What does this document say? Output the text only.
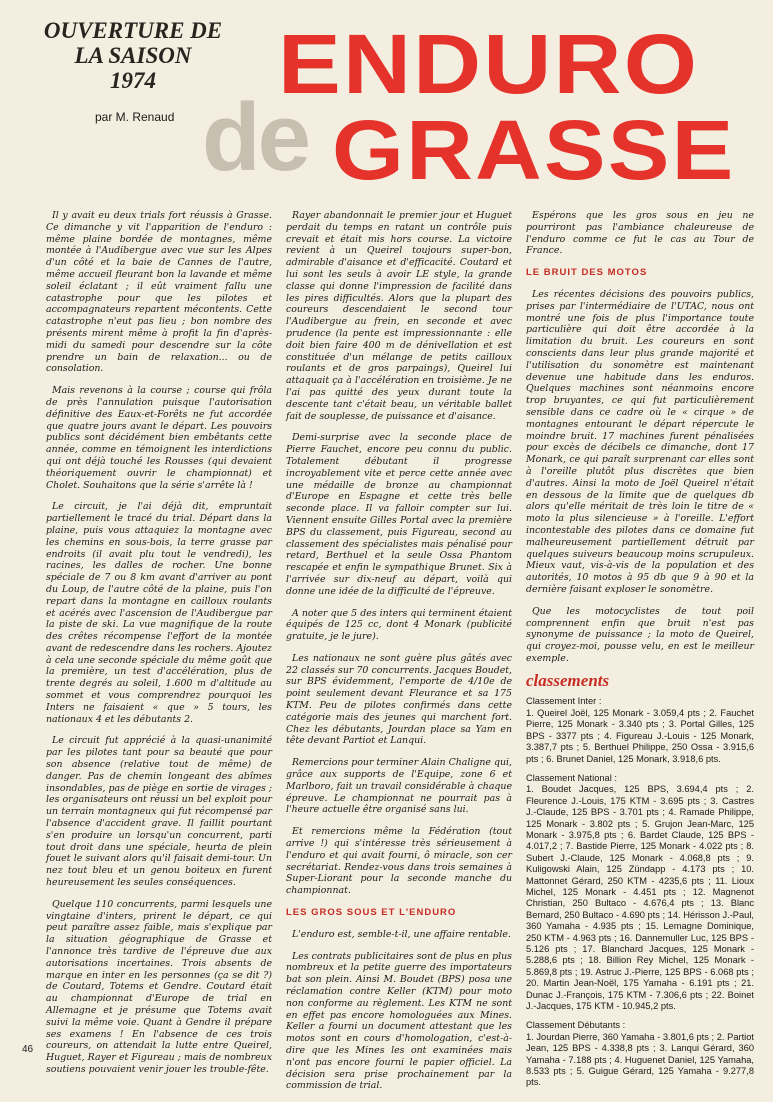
OUVERTURE DE

LA SAISON

1974

par M. Renaud de
ENDURO
GRASSE

Il y avait eu deux trials fort réussis à Grasse. Ce dimanche y vit l'apparition de l'enduro : même plaine bordée de montagnes, même montée à l'Audibergue avec vue sur les Alpes d'un côté et la baie de Cannes de l'autre, même accueil fleurant bon la lavande et même soleil éclatant ; il eût vraiment fallu une catastrophe pour que les pilotes et accompagnateurs repartent mécontents. Cette catastrophe n'eut pas lieu ; bon nombre des présents mirent même à profit la fin d'après-midi du samedi pour descendre sur la côte prendre un bain de relaxation... ou de consolation.

Mais revenons à la course ; course qui frôla de près l'annulation puisque l'autorisation définitive des Eaux-et-Forêts ne fut accordée que quatre jours avant le départ. Les pouvoirs publics sont décidément bien embêtants cette année, comme en témoignent les interdictions qui ont déjà touché les Rousses (qui devaient théoriquement ouvrir le championnat) et Cholet. Souhaitons que la série s'arrête là !

Le circuit, je l'ai déjà dit, empruntait partiellement le tracé du trial. Départ dans la plaine, puis vous attaquiez la montagne avec les chemins en sous-bois, la terre grasse par endroits (il avait plu tout le vendredi), les racines, les dalles de rocher. Une bonne spéciale de 7 ou 8 km avant d'arriver au pont du Loup, de l'autre côté de la plaine, puis l'on repart dans la montagne en cailloux roulants et acérés avec l'ascension de l'Audibergue par la piste de ski. La vue magnifique de la route des crêtes récompense l'effort de la montée avant de redescendre dans les rochers. Ajoutez à cela une seconde spéciale du même goût que la première, un test d'accélération, plus de trente degrés au soleil, 1.600 m d'altitude au sommet et vous comprendrez pourquoi les Inters ne faisaient « que » 5 tours, les nationaux 4 et les débutants 2.

Le circuit fut apprécié à la quasi-unanimité par les pilotes tant pour sa beauté que pour son absence (relative tout de même) de danger. Pas de chemin longeant des abîmes insondables, pas de piège en sortie de virages ; les organisateurs ont réussi un bel exploit pour un terrain montagneux qui fut récompensé par l'absence d'accident grave. Il faillit pourtant s'en produire un lorsqu'un concurrent, parti tout droit dans une spéciale, heurta de plein fouet le suivant alors qu'il faisait demi-tour. Un nez tout bleu et un genou boiteux en furent heureusement les seules conséquences.

Quelque 110 concurrents, parmi lesquels une vingtaine d'inters, prirent le départ, ce qui peut paraître assez faible, mais s'explique par la situation géographique de Grasse et l'annonce très tardive de l'épreuve due aux autorisations incertaines. Trois absents de marque en inter en les personnes (ça se dit ?) de Coutard, Totems et Gendre. Coutard était au championnat d'Europe de trial en Allemagne et je présume que Totems avait suivi la même voie. Quant à Gendre il prépare ses examens ! En l'absence de ces trois coureurs, on attendait la lutte entre Queirel, Huguet, Rayer et Figureau ; mais de nombreux soutiens pouvaient venir jouer les trouble-fête.

Rayer abandonnait le premier jour et Huguet perdait du temps en ratant un contrôle puis crevait et était mis hors course. La victoire revient à un Queirel toujours super-bon, admirable d'aisance et d'efficacité. Coutard et lui sont les seuls à avoir LE style, la grande classe qui donne l'impression de facilité dans les pires difficultés. Alors que la plupart des coureurs descendaient le second tour l'Audibergue au frein, en seconde et avec prudence (la pente est impressionnante : elle doit bien faire 400 m de dénivellation et est constituée d'un mélange de petits cailloux roulants et de gros parpaings), Queirel lui attaquait ça à l'accélération en troisième. Je ne l'ai pas quitté des yeux durant toute la descente tant c'était beau, un véritable ballet fait de souplesse, de puissance et d'aisance.

Demi-surprise avec la seconde place de Pierre Fauchet, encore peu connu du public. Totalement débutant il progresse incroyablement vite et perce cette année avec une médaille de bronze au championnat d'Europe en Espagne et cette très belle seconde place. Il va falloir compter sur lui. Viennent ensuite Gilles Portal avec la première BPS du classement, puis Figureau, second au classement des spécialistes mais pénalisé pour retard, Berthuel et la seule Ossa Phantom rescapée et enfin le sympathique Brunet. Six à l'arrivée sur dix-neuf au départ, voilà qui donne une idée de la difficulté de l'épreuve.

A noter que 5 des inters qui terminent étaient équipés de 125 cc, dont 4 Monark (publicité gratuite, je le jure).

Les nationaux ne sont guère plus gâtés avec 22 classés sur 70 concurrents. Jacques Boudet, sur BPS évidemment, l'emporte de 4/10e de point seulement devant Fleurance et sa 175 KTM. Peu de pilotes confirmés dans cette catégorie mais des jeunes qui marchent fort. Chez les débutants, Jourdan place sa Yam en tête devant Partiot et Lanqui.

Remercions pour terminer Alain Chaligne qui, grâce aux supports de l'Equipe, zone 6 et Marlboro, fait un travail considérable à chaque épreuve. Le championnat ne pourrait pas à l'heure actuelle être organisé sans lui.

Et remercions même la Fédération (tout arrive !) qui s'intéresse très sérieusement à l'enduro et qui avait fourni, ô miracle, son cer secrétariat. Rendez-vous dans trois semaines à Super-Liorant pour la seconde manche du championnat.

LES GROS SOUS ET L'ENDURO

L'enduro est, semble-t-il, une affaire rentable.

Les contrats publicitaires sont de plus en plus nombreux et la petite guerre des importateurs bat son plein. Ainsi M. Boudet (BPS) posa une réclamation contre Keller (KTM) pour moto non conforme au règlement. Les KTM ne sont en effet pas encore homologuées aux Mines. Keller a fourni un document attestant que les motos sont en cours d'homologation, c'est-à-dire que les Mines les ont examinées mais n'ont pas encore fourni le papier officiel. La décision sera prise prochainement par la commission de trial.

Espérons que les gros sous en jeu ne pourriront pas l'ambiance chaleureuse de l'enduro comme ce fut le cas au Tour de France.

LE BRUIT DES MOTOS

Les récentes décisions des pouvoirs publics, prises par l'intermédiaire de l'UTAC, nous ont montré une fois de plus l'importance toute particulière qui doit être accordée à la limitation du bruit. Les coureurs en sont conscients dans leur plus grande majorité et l'utilisation du sonomètre est maintenant devenue une habitude dans les enduros. Quelques machines sont néanmoins encore trop bruyantes, ce qui fut particulièrement sensible dans ce cadre où le « cirque » de montagnes entourant le départ répercute le moindre bruit. 17 machines furent pénalisées pour excès de décibels ce dimanche, dont 17 Monark, ce qui paraît surprenant car elles sont à l'oreille plutôt plus discrètes que bien d'autres. Ainsi la moto de Joël Queirel n'était en dessous de la limite que de quelques db alors qu'elle méritait de très loin le titre de « moto la plus silencieuse » à l'oreille. L'effort incontestable des pilotes dans ce domaine fut malheureusement partiellement détruit par quelques suiveurs beaucoup moins scrupuleux. Mieux vaut, vis-à-vis de la population et des autorités, 10 motos à 95 db que 9 à 90 et la dernière faisant exploser le sonomètre.

Que les motocyclistes de tout poil comprennent enfin que bruit n'est pas synonyme de puissance ; la moto de Queirel, qui croyez-moi, pousse velu, en est le meilleur exemple.

classements

Classement Inter :
1. Queirel Joël, 125 Monark - 3.059,4 pts ; 2. Fauchet Pierre, 125 Monark - 3.340 pts ; 3. Portal Gilles, 125 BPS - 3377 pts ; 4. Figureau J.-Louis - 125 Monark, 3.387,7 pts ; 5. Berthuel Philippe, 250 Ossa - 3.915,6 pts ; 6. Brunet Daniel, 125 Monark, 3.918,6 pts.

Classement National :
1. Boudet Jacques, 125 BPS, 3.694,4 pts ; 2. Fleurence J.-Louis, 175 KTM - 3.695 pts ; 3. Castres J.-Claude, 125 BPS - 3.701 pts ; 4. Ramade Philippe, 125 Monark - 3.802 pts ; 5. Grujon Jean-Marc, 125 Monark - 3.975,8 pts ; 6. Bardet Claude, 125 BPS - 4.017,2 ; 7. Bastide Pierre, 125 Monark - 4.022 pts ; 8. Subert J.-Claude, 125 Monark - 4.068,8 pts ; 9. Kuligowski Alain, 125 Zündapp - 4.173 pts ; 10. Mattonnet Gérard, 250 KTM - 4235,6 pts ; 11. Lioux Michel, 125 Monark - 4.451 pts ; 12. Magnenot Christian, 250 Bultaco - 4.676,4 pts ; 13. Blanc Bernard, 250 Bultaco - 4.690 pts ; 14. Hérisson J.-Paul, 360 Yamaha - 4.935 pts ; 15. Lemagne Dominique, 250 KTM - 4.963 pts ; 16. Dannemuller Luc, 125 BPS - 5.126 pts ; 17. Blanchard Jacques, 125 Monark - 5.288,6 pts ; 18. Billion Rey Michel, 125 Monark - 5.869,8 pts ; 19. Astruc J.-Pierre, 125 BPS - 6.068 pts ; 20. Martin Jean-Noël, 175 Yamaha - 6.191 pts ; 21. Dunac J.-François, 175 KTM - 7.306,6 pts ; 22. Boinet J.-Jacques, 175 KTM - 10.945,2 pts.

Classement Débutants :
1. Jourdan Pierre, 360 Yamaha - 3.801,6 pts ; 2. Partiot Jean, 125 BPS - 4.338,8 pts ; 3. Lanqui Gérard, 360 Yamaha - 7.188 pts ; 4. Huguenet Daniel, 125 Yamaha, 8.533 pts ; 5. Guigue Gérard, 125 Yamaha - 9.277,8 pts.

46
